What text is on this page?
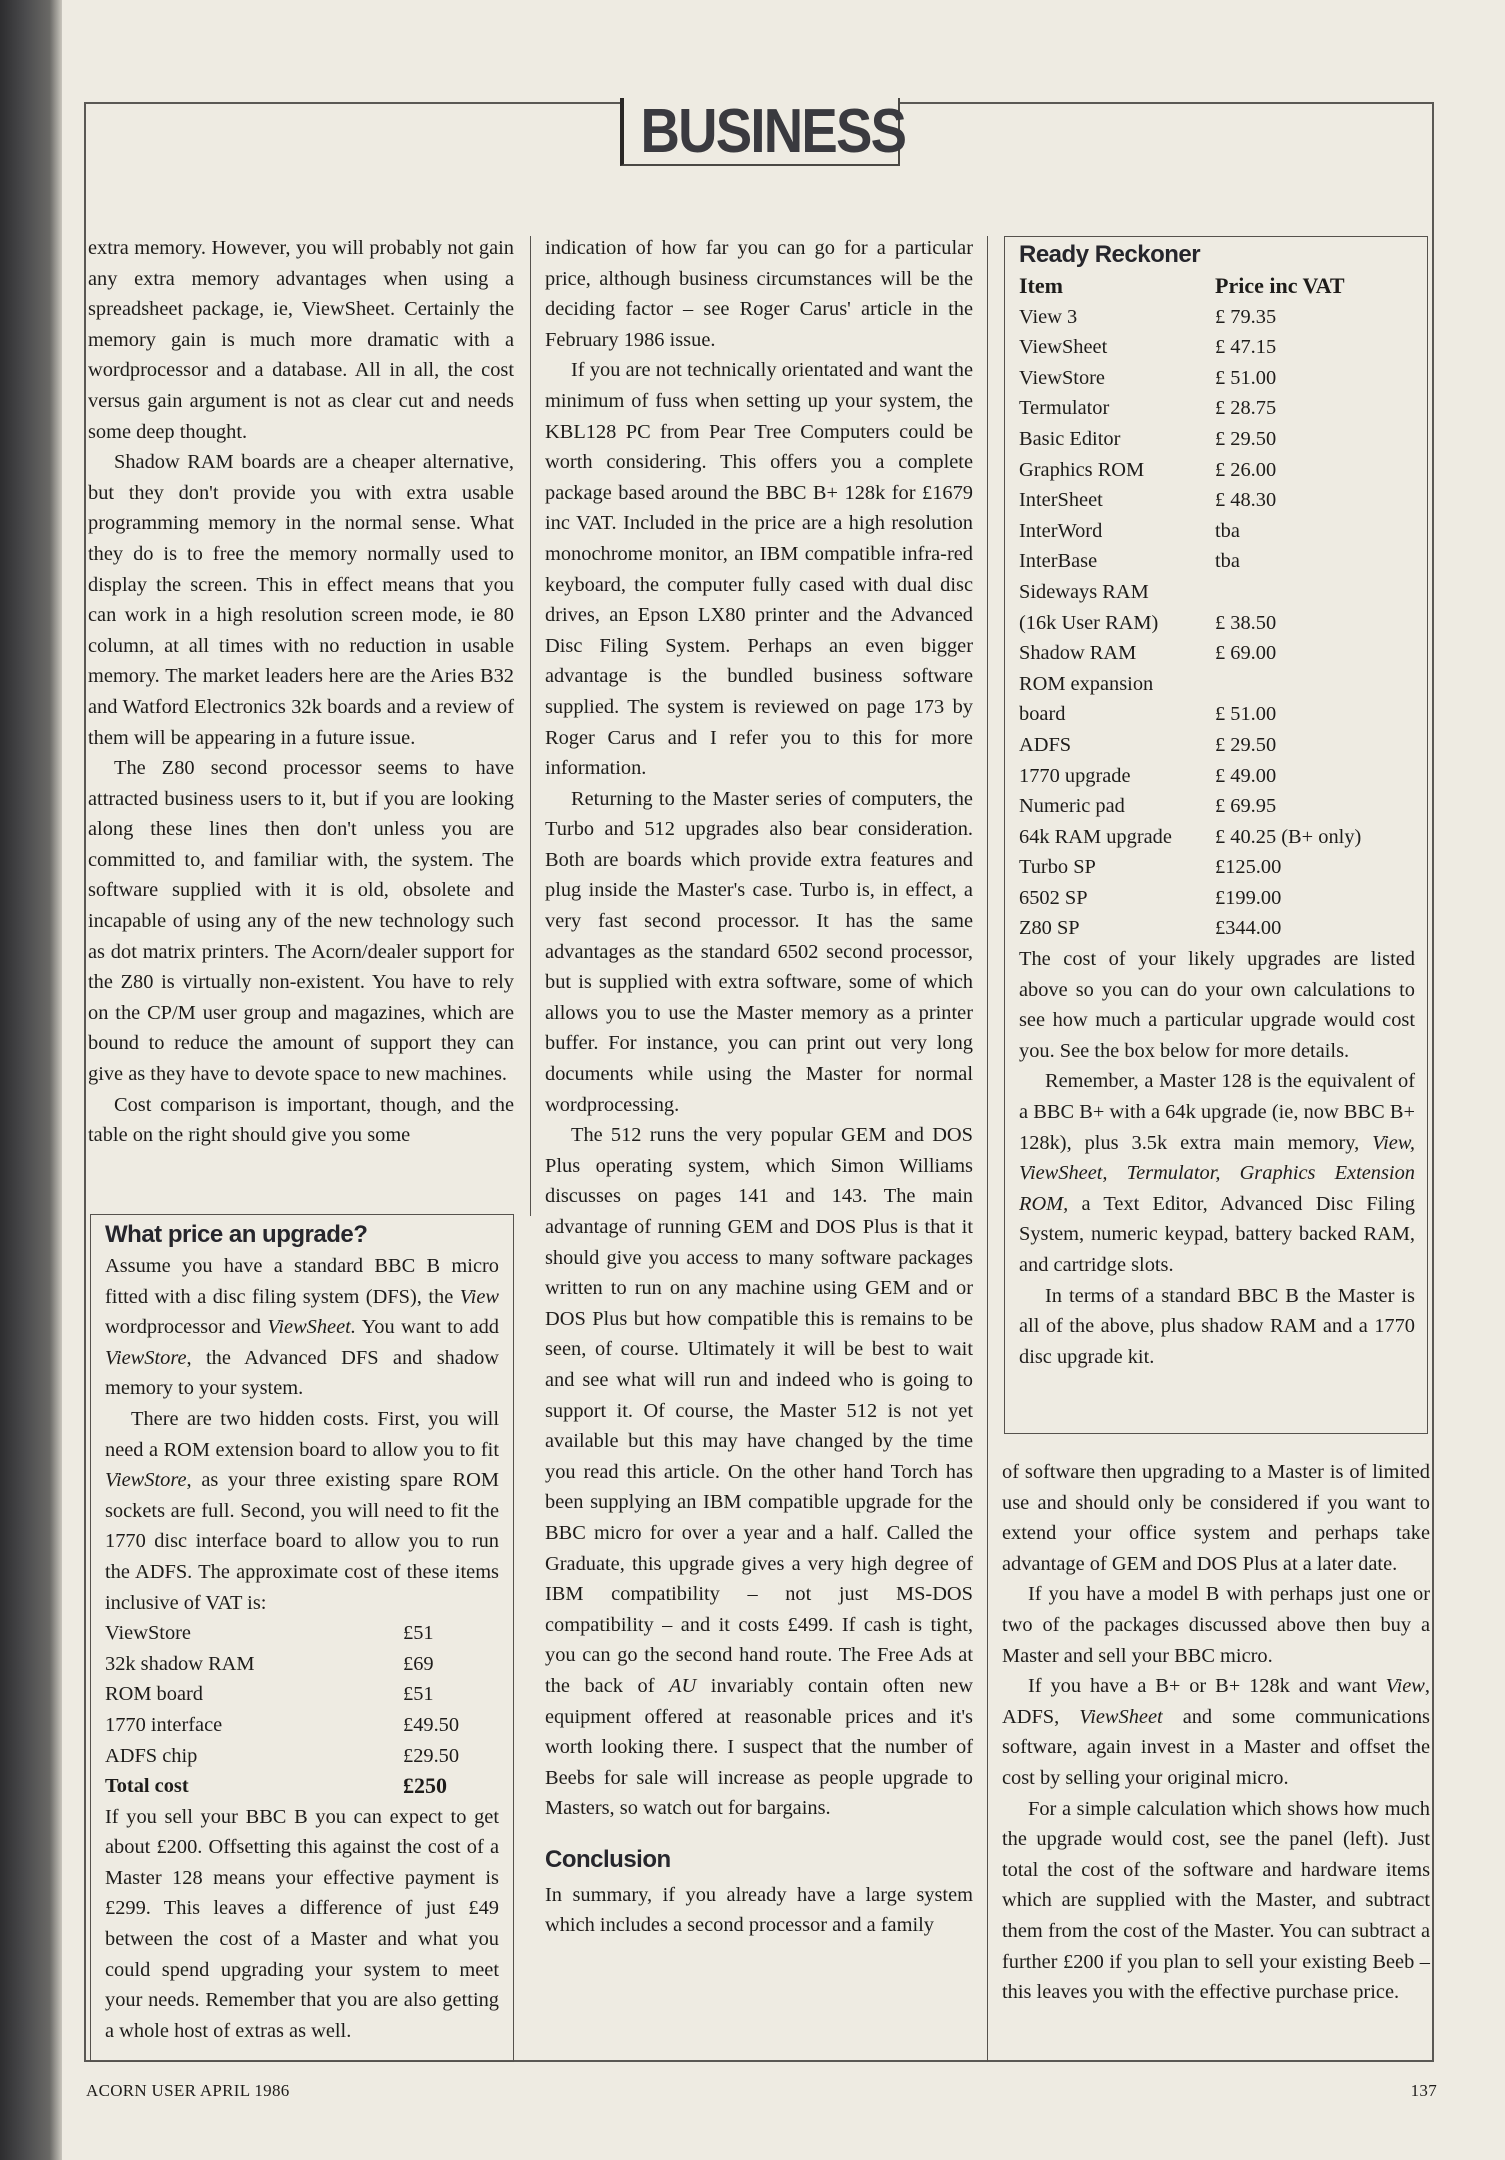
BUSINESS

extra memory. However, you will probably not gain any extra memory advantages when using a spreadsheet package, ie, ViewSheet. Certainly the memory gain is much more dramatic with a wordprocessor and a database. All in all, the cost versus gain argument is not as clear cut and needs some deep thought.

Shadow RAM boards are a cheaper alternative, but they don't provide you with extra usable programming memory in the normal sense. What they do is to free the memory normally used to display the screen. This in effect means that you can work in a high resolution screen mode, ie 80 column, at all times with no reduction in usable memory. The market leaders here are the Aries B32 and Watford Electronics 32k boards and a review of them will be appearing in a future issue.

The Z80 second processor seems to have attracted business users to it, but if you are looking along these lines then don't unless you are committed to, and familiar with, the system. The software supplied with it is old, obsolete and incapable of using any of the new technology such as dot matrix printers. The Acorn/dealer support for the Z80 is virtually non-existent. You have to rely on the CP/M user group and magazines, which are bound to reduce the amount of support they can give as they have to devote space to new machines.

Cost comparison is important, though, and the table on the right should give you some

What price an upgrade?

Assume you have a standard BBC B micro fitted with a disc filing system (DFS), the View wordprocessor and ViewSheet. You want to add ViewStore, the Advanced DFS and shadow memory to your system.

There are two hidden costs. First, you will need a ROM extension board to allow you to fit ViewStore, as your three existing spare ROM sockets are full. Second, you will need to fit the 1770 disc interface board to allow you to run the ADFS. The approximate cost of these items inclusive of VAT is:

ViewStore	£51
32k shadow RAM	£69
ROM board	£51
1770 interface	£49.50
ADFS chip	£29.50
Total cost	£250

If you sell your BBC B you can expect to get about £200. Offsetting this against the cost of a Master 128 means your effective payment is £299. This leaves a difference of just £49 between the cost of a Master and what you could spend upgrading your system to meet your needs. Remember that you are also getting a whole host of extras as well.

indication of how far you can go for a particular price, although business circumstances will be the deciding factor – see Roger Carus' article in the February 1986 issue.

If you are not technically orientated and want the minimum of fuss when setting up your system, the KBL128 PC from Pear Tree Computers could be worth considering. This offers you a complete package based around the BBC B+ 128k for £1679 inc VAT. Included in the price are a high resolution monochrome monitor, an IBM compatible infra-red keyboard, the computer fully cased with dual disc drives, an Epson LX80 printer and the Advanced Disc Filing System. Perhaps an even bigger advantage is the bundled business software supplied. The system is reviewed on page 173 by Roger Carus and I refer you to this for more information.

Returning to the Master series of computers, the Turbo and 512 upgrades also bear consideration. Both are boards which provide extra features and plug inside the Master's case. Turbo is, in effect, a very fast second processor. It has the same advantages as the standard 6502 second processor, but is supplied with extra software, some of which allows you to use the Master memory as a printer buffer. For instance, you can print out very long documents while using the Master for normal wordprocessing.

The 512 runs the very popular GEM and DOS Plus operating system, which Simon Williams discusses on pages 141 and 143. The main advantage of running GEM and DOS Plus is that it should give you access to many software packages written to run on any machine using GEM and or DOS Plus but how compatible this is remains to be seen, of course. Ultimately it will be best to wait and see what will run and indeed who is going to support it. Of course, the Master 512 is not yet available but this may have changed by the time you read this article. On the other hand Torch has been supplying an IBM compatible upgrade for the BBC micro for over a year and a half. Called the Graduate, this upgrade gives a very high degree of IBM compatibility – not just MS-DOS compatibility – and it costs £499. If cash is tight, you can go the second hand route. The Free Ads at the back of AU invariably contain often new equipment offered at reasonable prices and it's worth looking there. I suspect that the number of Beebs for sale will increase as people upgrade to Masters, so watch out for bargains.

Conclusion

In summary, if you already have a large system which includes a second processor and a family

Ready Reckoner
Item	Price inc VAT
View 3	£ 79.35
ViewSheet	£ 47.15
ViewStore	£ 51.00
Termulator	£ 28.75
Basic Editor	£ 29.50
Graphics ROM	£ 26.00
InterSheet	£ 48.30
InterWord	tba
InterBase	tba
Sideways RAM	
(16k User RAM)	£ 38.50
Shadow RAM	£ 69.00
ROM expansion	
board	£ 51.00
ADFS	£ 29.50
1770 upgrade	£ 49.00
Numeric pad	£ 69.95
64k RAM upgrade	£ 40.25 (B+ only)
Turbo SP	£125.00
6502 SP	£199.00
Z80 SP	£344.00

The cost of your likely upgrades are listed above so you can do your own calculations to see how much a particular upgrade would cost you. See the box below for more details.

Remember, a Master 128 is the equivalent of a BBC B+ with a 64k upgrade (ie, now BBC B+ 128k), plus 3.5k extra main memory, View, ViewSheet, Termulator, Graphics Extension ROM, a Text Editor, Advanced Disc Filing System, numeric keypad, battery backed RAM, and cartridge slots.

In terms of a standard BBC B the Master is all of the above, plus shadow RAM and a 1770 disc upgrade kit.

of software then upgrading to a Master is of limited use and should only be considered if you want to extend your office system and perhaps take advantage of GEM and DOS Plus at a later date.

If you have a model B with perhaps just one or two of the packages discussed above then buy a Master and sell your BBC micro.

If you have a B+ or B+ 128k and want View, ADFS, ViewSheet and some communications software, again invest in a Master and offset the cost by selling your original micro.

For a simple calculation which shows how much the upgrade would cost, see the panel (left). Just total the cost of the software and hardware items which are supplied with the Master, and subtract them from the cost of the Master. You can subtract a further £200 if you plan to sell your existing Beeb – this leaves you with the effective purchase price.

ACORN USER APRIL 1986	137
